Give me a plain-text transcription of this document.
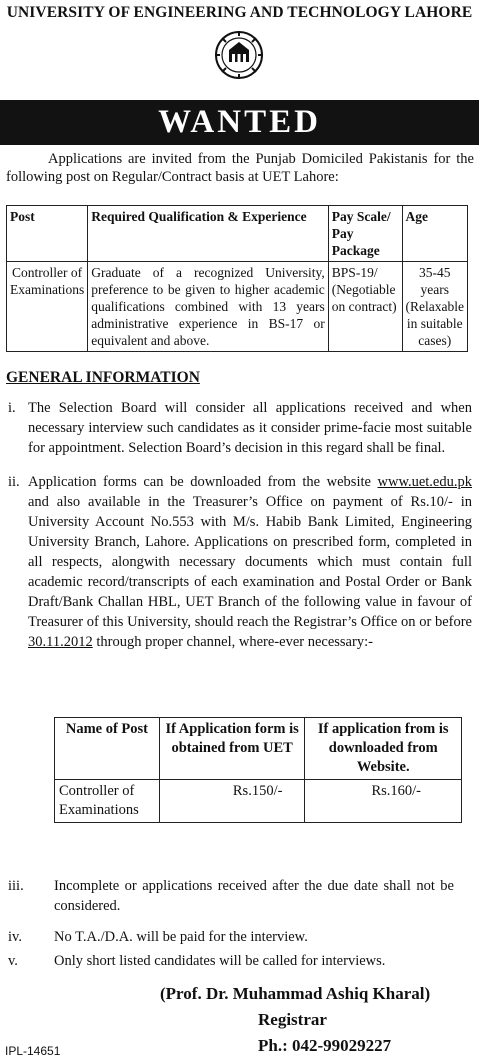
UNIVERSITY OF ENGINEERING AND TECHNOLOGY LAHORE
WANTED
Applications are invited from the Punjab Domiciled Pakistanis for the following post on Regular/Contract basis at UET Lahore:
Post	Required Qualification & Experience	Pay Scale/ Pay Package	Age
Controller of Examinations	Graduate of a recognized University, preference to be given to higher academic qualifications combined with 13 years administrative experience in BS-17 or equivalent and above.	BPS-19/ (Negotiable on contract)	35-45 years (Relaxable in suitable cases)
GENERAL INFORMATION
i. The Selection Board will consider all applications received and when necessary interview such candidates as it consider prime-facie most suitable for appointment. Selection Board’s decision in this regard shall be final.
ii. Application forms can be downloaded from the website www.uet.edu.pk and also available in the Treasurer’s Office on payment of Rs.10/- in University Account No.553 with M/s. Habib Bank Limited, Engineering University Branch, Lahore. Applications on prescribed form, completed in all respects, alongwith necessary documents which must contain full academic record/transcripts of each examination and Postal Order or Bank Draft/Bank Challan HBL, UET Branch of the following value in favour of Treasurer of this University, should reach the Registrar’s Office on or before 30.11.2012 through proper channel, where-ever necessary:-
Name of Post	If Application form is obtained from UET	If application from is downloaded from Website.
Controller of Examinations	Rs.150/-	Rs.160/-
iii. Incomplete or applications received after the due date shall not be considered.
iv. No T.A./D.A. will be paid for the interview.
v. Only short listed candidates will be called for interviews.
(Prof. Dr. Muhammad Ashiq Kharal)
Registrar
Ph.: 042-99029227
IPL-14651
